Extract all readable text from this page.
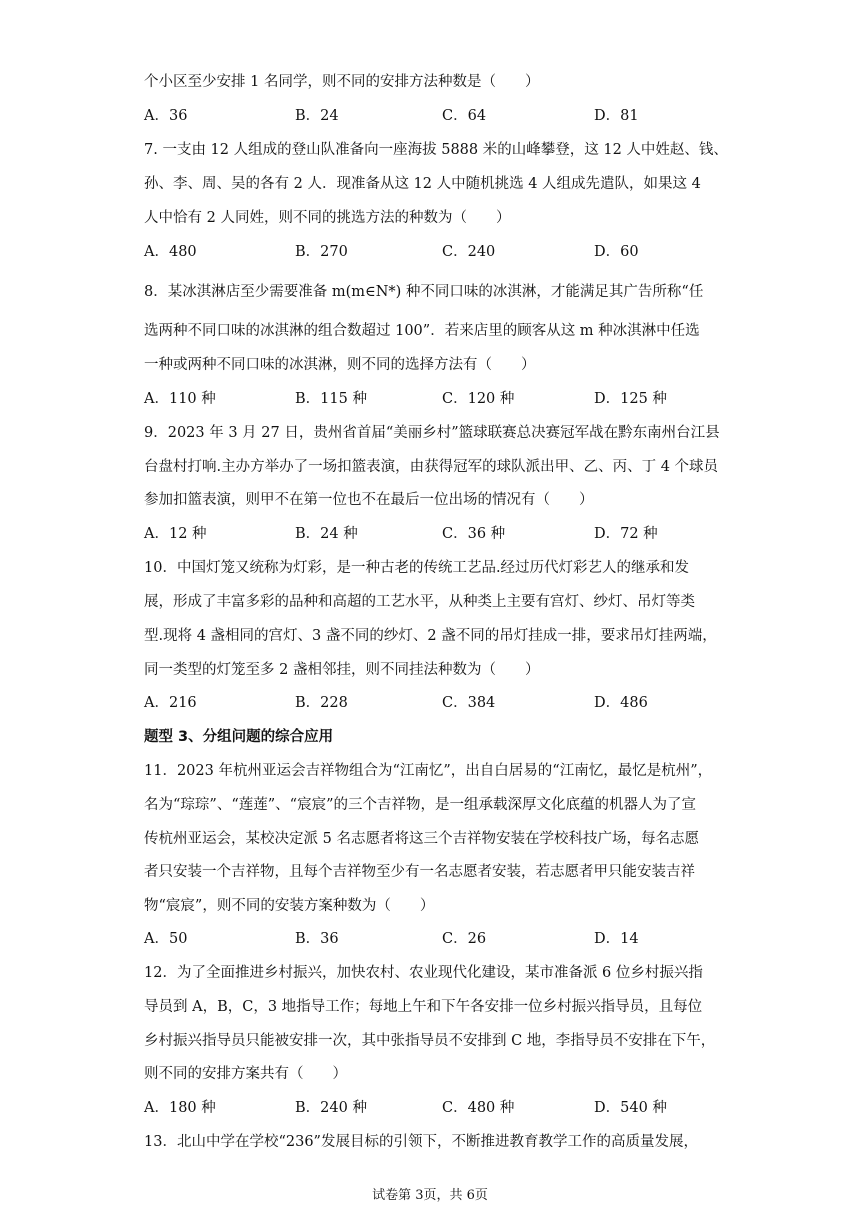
个小区至少安排 1 名同学，则不同的安排方法种数是（　　）
A．36	B．24	C．64	D．81
7. 一支由 12 人组成的登山队准备向一座海拔 5888 米的山峰攀登，这 12 人中姓赵、钱、
孙、李、周、吴的各有 2 人．现准备从这 12 人中随机挑选 4 人组成先遣队，如果这 4
人中恰有 2 人同姓，则不同的挑选方法的种数为（　　）
A．480	B．270	C．240	D．60
8．某冰淇淋店至少需要准备 m(m∈N*) 种不同口味的冰淇淋，才能满足其广告所称“任
选两种不同口味的冰淇淋的组合数超过 100”．若来店里的顾客从这 m 种冰淇淋中任选
一种或两种不同口味的冰淇淋，则不同的选择方法有（　　）
A．110 种	B．115 种	C．120 种	D．125 种
9．2023 年 3 月 27 日，贵州省首届“美丽乡村”篮球联赛总决赛冠军战在黔东南州台江县
台盘村打响.主办方举办了一场扣篮表演，由获得冠军的球队派出甲、乙、丙、丁 4 个球员
参加扣篮表演，则甲不在第一位也不在最后一位出场的情况有（　　）
A．12 种	B．24 种	C．36 种	D．72 种
10．中国灯笼又统称为灯彩，是一种古老的传统工艺品.经过历代灯彩艺人的继承和发
展，形成了丰富多彩的品种和高超的工艺水平，从种类上主要有宫灯、纱灯、吊灯等类
型.现将 4 盏相同的宫灯、3 盏不同的纱灯、2 盏不同的吊灯挂成一排，要求吊灯挂两端，
同一类型的灯笼至多 2 盏相邻挂，则不同挂法种数为（　　）
A．216	B．228	C．384	D．486
题型 3、分组问题的综合应用
11．2023 年杭州亚运会吉祥物组合为“江南忆”，出自白居易的“江南忆，最忆是杭州”，
名为“琮琮”、“莲莲”、“宸宸”的三个吉祥物，是一组承载深厚文化底蕴的机器人为了宣
传杭州亚运会，某校决定派 5 名志愿者将这三个吉祥物安装在学校科技广场，每名志愿
者只安装一个吉祥物，且每个吉祥物至少有一名志愿者安装，若志愿者甲只能安装吉祥
物“宸宸”，则不同的安装方案种数为（　　）
A．50	B．36	C．26	D．14
12．为了全面推进乡村振兴，加快农村、农业现代化建设，某市准备派 6 位乡村振兴指
导员到 A，B，C，3 地指导工作；每地上午和下午各安排一位乡村振兴指导员，且每位
乡村振兴指导员只能被安排一次，其中张指导员不安排到 C 地，李指导员不安排在下午，
则不同的安排方案共有（　　）
A．180 种	B．240 种	C．480 种	D．540 种
13．北山中学在学校“236”发展目标的引领下，不断推进教育教学工作的高质量发展，
试卷第 3页，共 6页
